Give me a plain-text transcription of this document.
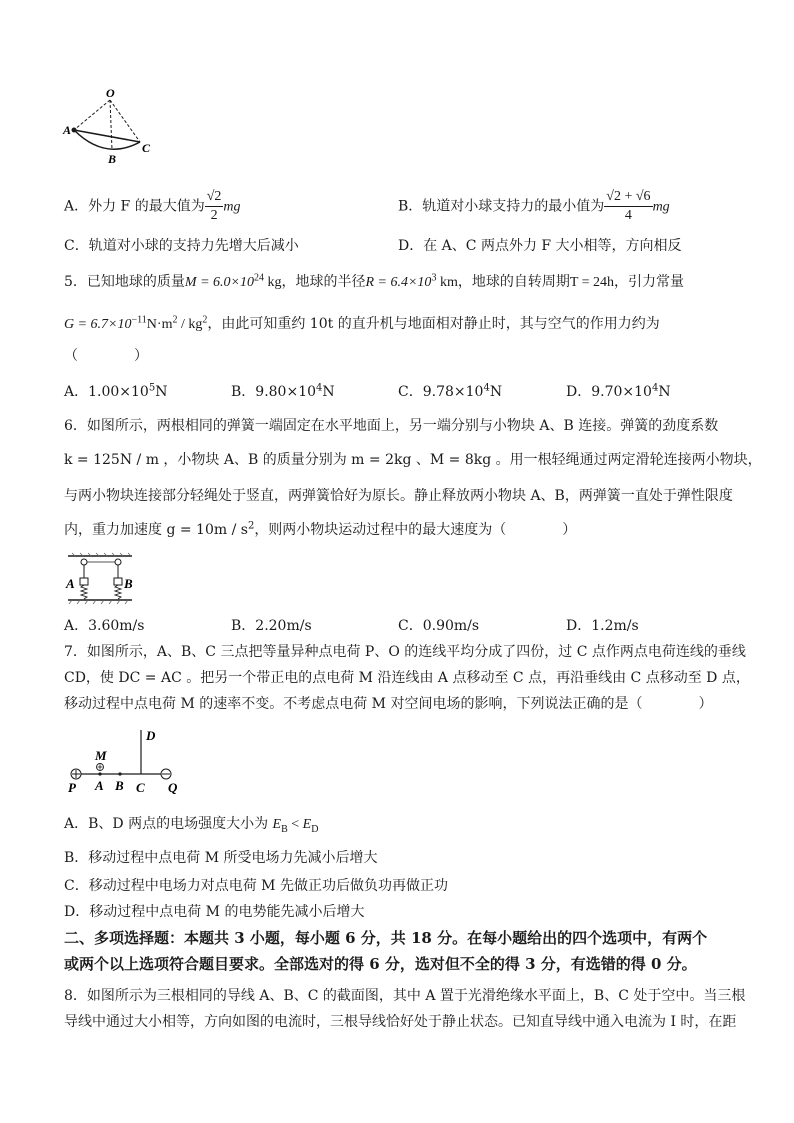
O
A
B
C
A．外力 F 的最大值为 $\frac{√2}{2}$ mg	B．轨道对小球支持力的最小值为 $\frac{√2 + √6}{4}$ mg
C．轨道对小球的支持力先增大后减小	D．在 A、C 两点外力 F 大小相等，方向相反
5．已知地球的质量$M = 6.0\times 10^{24}$ kg，地球的半径$R = 6.4\times 10^3$ km，地球的自转周期T = 24h，引力常量
$G = 6.7\times 10^{-11}N\cdot m^2 / kg^2$，由此可知重约 10t 的直升机与地面相对静止时，其与空气的作用力约为
（　　　　）
A．$1.00\times 10^5N$	B．$9.80\times 10^4N$	C．$9.78\times 10^4N$	D．$9.70\times 10^4N$
6．如图所示，两根相同的弹簧一端固定在水平地面上，另一端分别与小物块 A、B 连接。弹簧的劲度系数
k = 125N / m ，小物块 A、B 的质量分别为 m = 2kg 、M = 8kg 。用一根轻绳通过两定滑轮连接两小物块，
与两小物块连接部分轻绳处于竖直，两弹簧恰好为原长。静止释放两小物块 A、B，两弹簧一直处于弹性限度
内，重力加速度 $g = 10m / s^2$，则两小物块运动过程中的最大速度为（　　　　）
A	B
A．3.60m/s	B．2.20m/s	C．0.90m/s	D．1.2m/s
7．如图所示，A、B、C 三点把等量异种点电荷 P、O 的连线平均分成了四份，过 C 点作两点电荷连线的垂线
CD，使 DC = AC 。把另一个带正电的点电荷 M 沿连线由 A 点移动至 C 点，再沿垂线由 C 点移动至 D 点，
移动过程中点电荷 M 的速率不变。不考虑点电荷 M 对空间电场的影响，下列说法正确的是（　　　　）
D
M
P A B C Q
A．B、D 两点的电场强度大小为 $E_B < E_D$
B．移动过程中点电荷 M 所受电场力先减小后增大
C．移动过程中电场力对点电荷 M 先做正功后做负功再做正功
D．移动过程中点电荷 M 的电势能先减小后增大
二、多项选择题：本题共 3 小题，每小题 6 分，共 18 分。在每小题给出的四个选项中，有两个
或两个以上选项符合题目要求。全部选对的得 6 分，选对但不全的得 3 分，有选错的得 0 分。
8．如图所示为三根相同的导线 A、B、C 的截面图，其中 A 置于光滑绝缘水平面上，B、C 处于空中。当三根
导线中通过大小相等，方向如图的电流时，三根导线恰好处于静止状态。已知直导线中通入电流为 I 时，在距
